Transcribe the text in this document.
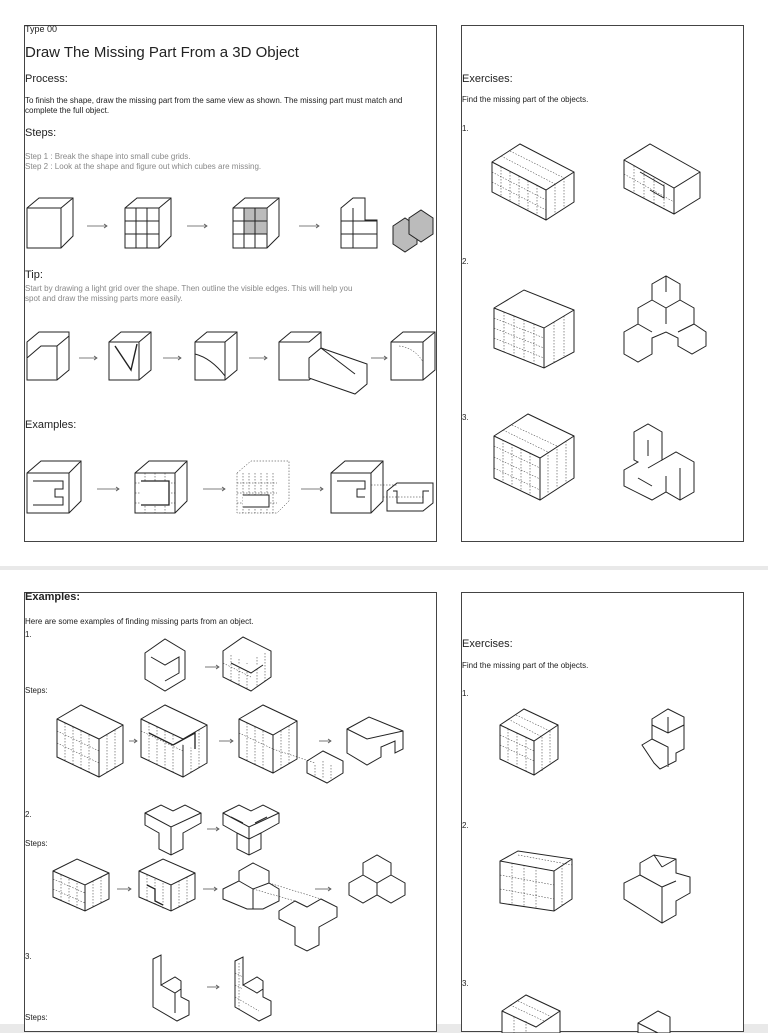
Type 00

Draw The Missing Part From a 3D Object

Process:

To finish the shape, draw the missing part from the same view as shown. The missing part must match and

complete the full object.

Steps:

Step 1 : Break the shape into small cube grids.

Step 2 : Look at the shape and figure out which cubes are missing.

Tip:

Start by drawing a light grid over the shape. Then outline the visible edges. This will help you

spot and draw the missing parts more easily.

Examples:

Exercises:

Find the missing part of the objects.

1.

2.

3.

Examples:

Here are some examples of finding missing parts from an object.

1.

Steps:

2.

Steps:

3.

Steps:

Exercises:

Find the missing part of the objects.

1.

2.

3.
